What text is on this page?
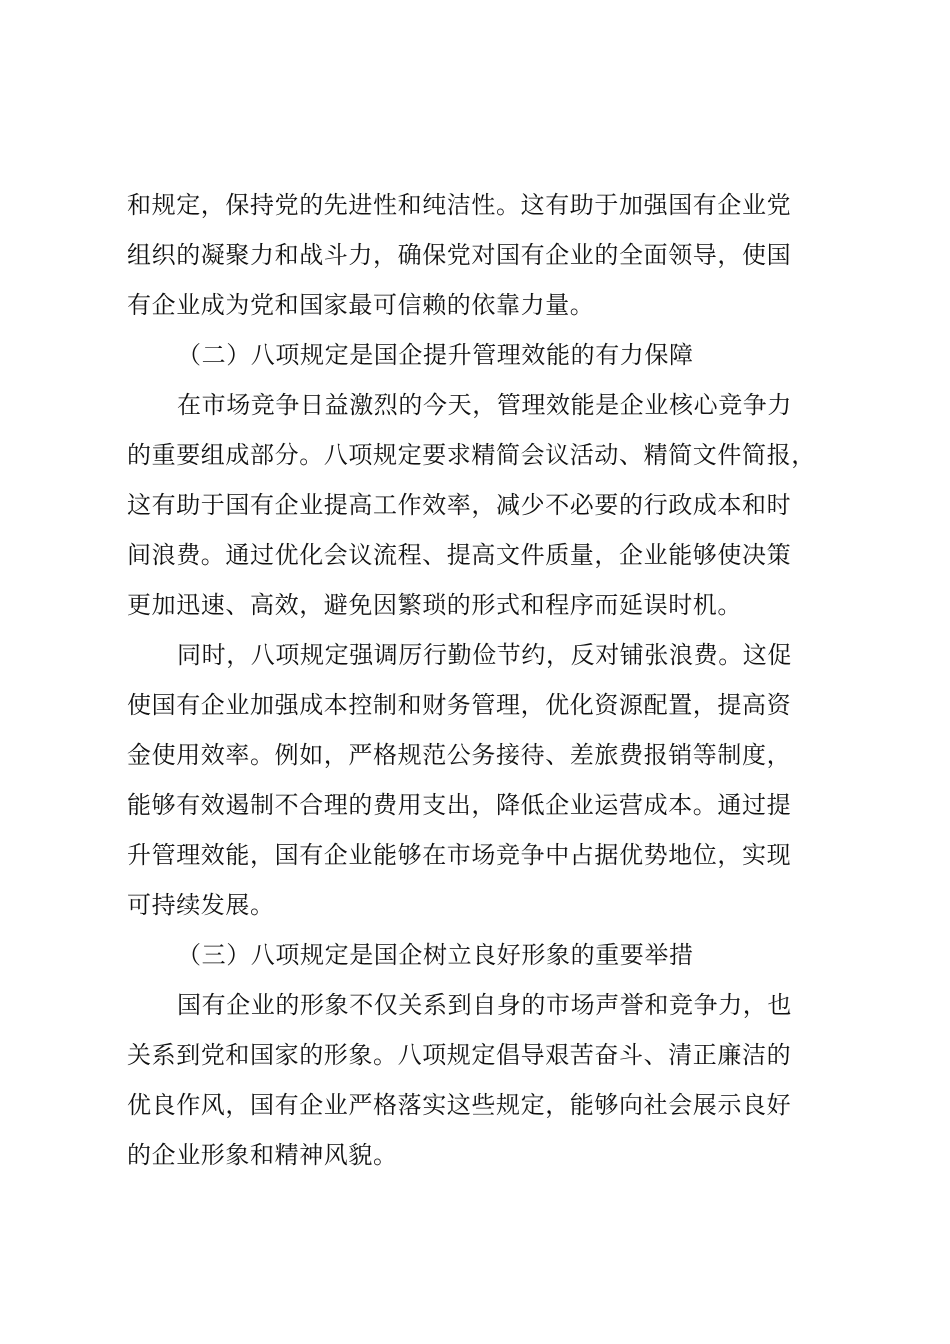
和规定，保持党的先进性和纯洁性。这有助于加强国有企业党
组织的凝聚力和战斗力，确保党对国有企业的全面领导，使国
有企业成为党和国家最可信赖的依靠力量。
（二）八项规定是国企提升管理效能的有力保障
在市场竞争日益激烈的今天，管理效能是企业核心竞争力
的重要组成部分。八项规定要求精简会议活动、精简文件简报，
这有助于国有企业提高工作效率，减少不必要的行政成本和时
间浪费。通过优化会议流程、提高文件质量，企业能够使决策
更加迅速、高效，避免因繁琐的形式和程序而延误时机。
同时，八项规定强调厉行勤俭节约，反对铺张浪费。这促
使国有企业加强成本控制和财务管理，优化资源配置，提高资
金使用效率。例如，严格规范公务接待、差旅费报销等制度，
能够有效遏制不合理的费用支出，降低企业运营成本。通过提
升管理效能，国有企业能够在市场竞争中占据优势地位，实现
可持续发展。
（三）八项规定是国企树立良好形象的重要举措
国有企业的形象不仅关系到自身的市场声誉和竞争力，也
关系到党和国家的形象。八项规定倡导艰苦奋斗、清正廉洁的
优良作风，国有企业严格落实这些规定，能够向社会展示良好
的企业形象和精神风貌。
